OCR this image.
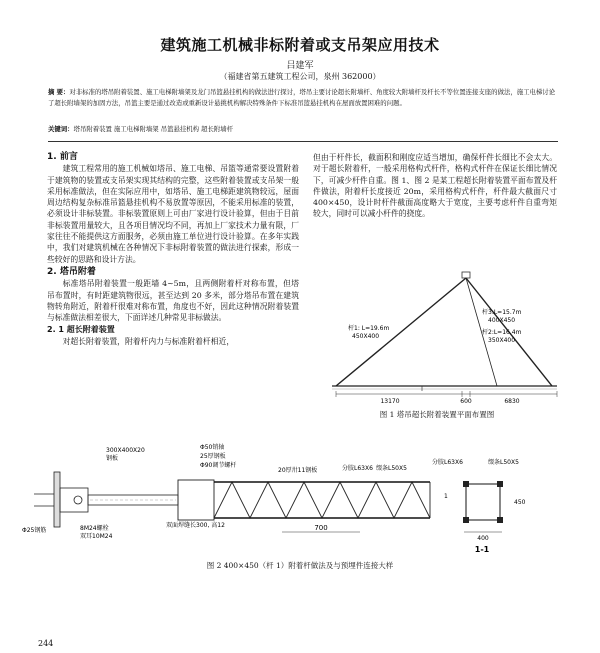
建筑施工机械非标附着或支吊架应用技术
吕建军
（福建省第五建筑工程公司，泉州 362000）
摘 要：对非标准的塔吊附着装置、施工电梯附墙架及龙门吊篮悬挂机构的做法进行探讨，塔吊主要讨论超长附墙杆、角度较大附墙杆及杆长不等位置连接支座的做法，施工电梯讨论了超长附墙架的加固方法，吊篮主要是通过改造或重新设计悬挑机构解决特殊条件下标准吊篮悬挂机构在屋面放置困难的问题。
关键词：塔吊附着装置 施工电梯附墙架 吊篮悬挂机构 超长附墙杆
1. 前言

建筑工程常用的施工机械如塔吊、施工电梯、吊篮等通常要设置附着于建筑物的装置或支吊架实现其结构的完整，这些附着装置或支吊架一般采用标准做法，但在实际应用中，如塔吊、施工电梯距建筑物较远，屋面周边结构复杂标准吊篮悬挂机构不易放置等原因，不能采用标准的装置，必须设计非标装置。非标装置原则上可由厂家进行设计验算，但由于目前非标装置用量较大，且各项目情况均不同，再加上厂家技术力量有限，厂家往往不能提供这方面服务，必须由施工单位进行设计验算。在多年实践中，我们对建筑机械在各种情况下非标附着装置的做法进行探索，形成一些较好的思路和设计方法。

2. 塔吊附着

标准塔吊附着装置一般距墙 4~5m，且两侧附着杆对称布置，但塔吊布置时，有时距建筑物很远，甚至达到 20 多米，部分塔吊布置在建筑物转角附近，附着杆很难对称布置，角度也不好，因此这种情况附着装置与标准做法相差很大，下面详述几种常见非标做法。

2. 1 超长附着装置

对超长附着装置，附着杆内力与标准附着杆相近，

但由于杆件长，截面积和刚度应适当增加，确保杆件长细比不会太大。对于超长附着杆，一般采用格构式杆件，格构式杆件在保证长细比情况下，可减少杆件自重。图 1、图 2 是某工程超长附着装置平面布置及杆件做法，附着杆长度接近 20m，采用格构式杆件，杆件最大截面尺寸 400×450，设计时杆件截面高度略大于宽度，主要考虑杆件自重弯矩较大，同时可以减小杆件的挠度。

杆1: L=19.6m
450X400
杆3:L=15.7m
400X450
杆2:L=16.4m
350X400
13170	600	6830
图 1 塔吊超长附着装置平面布置图
700
400
450
300X400X20
钢板
Φ50销轴
25厚钢板
Φ90调节螺杆
20厚卅11钢板	分肢L63X6 缀条L50X5
分肢L63X6	缀条L50X5
Φ25钢筋	8M24螺栓
双耳10M24
双面焊缝长300, 高12
1-1
1
图 2 400×450（杆 1）附着杆做法及与预埋件连接大样
244
